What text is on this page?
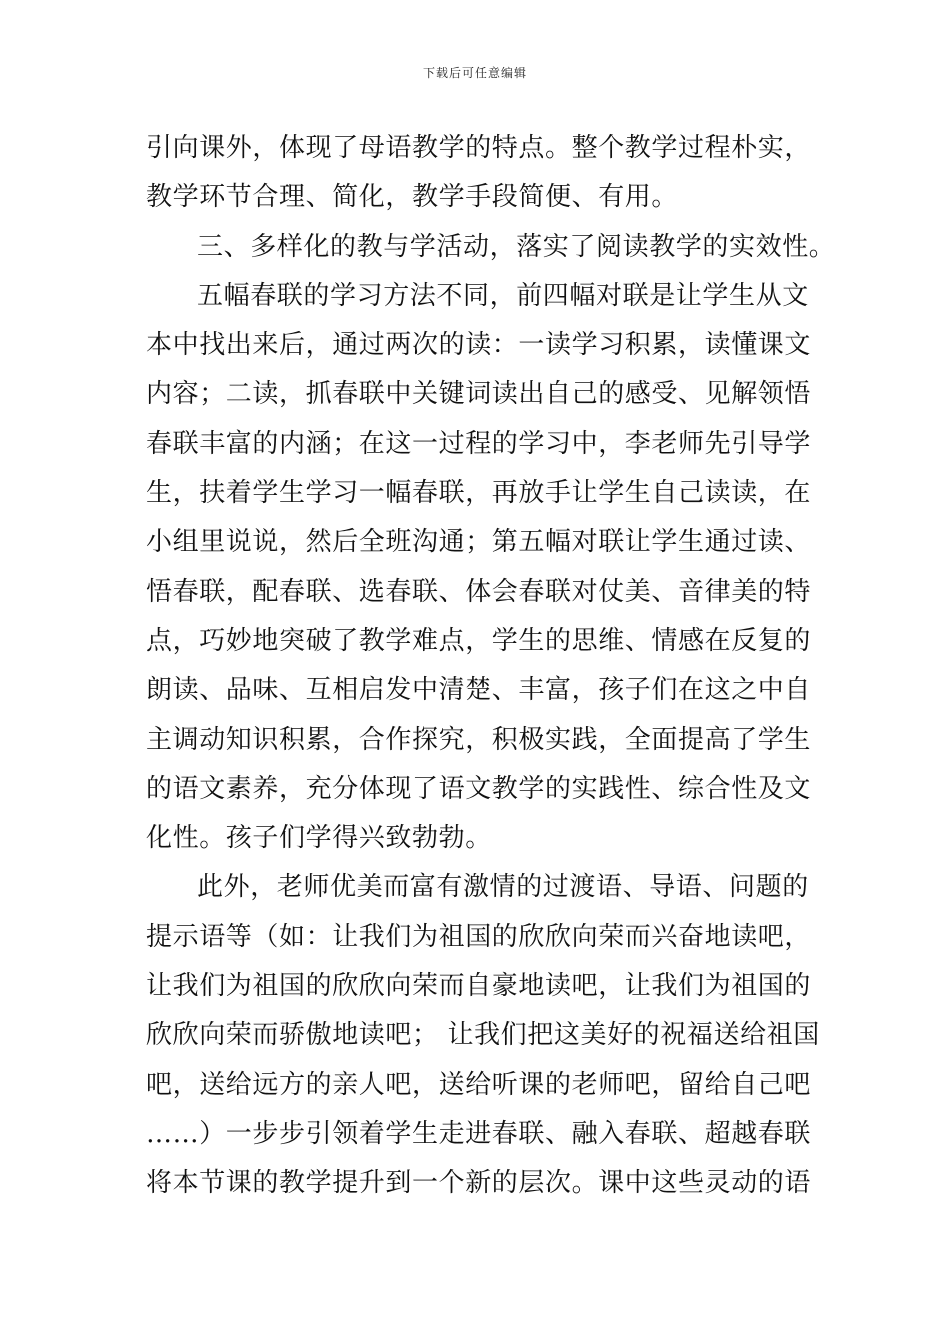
下载后可任意编辑
引向课外，体现了母语教学的特点。整个教学过程朴实，
教学环节合理、简化，教学手段简便、有用。
三、多样化的教与学活动，落实了阅读教学的实效性。
五幅春联的学习方法不同，前四幅对联是让学生从文
本中找出来后，通过两次的读：一读学习积累，读懂课文
内容；二读，抓春联中关键词读出自己的感受、见解领悟
春联丰富的内涵；在这一过程的学习中，李老师先引导学
生，扶着学生学习一幅春联，再放手让学生自己读读，在
小组里说说，然后全班沟通；第五幅对联让学生通过读、
悟春联，配春联、选春联、体会春联对仗美、音律美的特
点，巧妙地突破了教学难点，学生的思维、情感在反复的
朗读、品味、互相启发中清楚、丰富，孩子们在这之中自
主调动知识积累，合作探究，积极实践，全面提高了学生
的语文素养，充分体现了语文教学的实践性、综合性及文
化性。孩子们学得兴致勃勃。
此外，老师优美而富有激情的过渡语、导语、问题的
提示语等（如：让我们为祖国的欣欣向荣而兴奋地读吧，
让我们为祖国的欣欣向荣而自豪地读吧，让我们为祖国的
欣欣向荣而骄傲地读吧； 让我们把这美好的祝福送给祖国
吧，送给远方的亲人吧，送给听课的老师吧，留给自己吧
……）一步步引领着学生走进春联、融入春联、超越春联
将本节课的教学提升到一个新的层次。课中这些灵动的语
